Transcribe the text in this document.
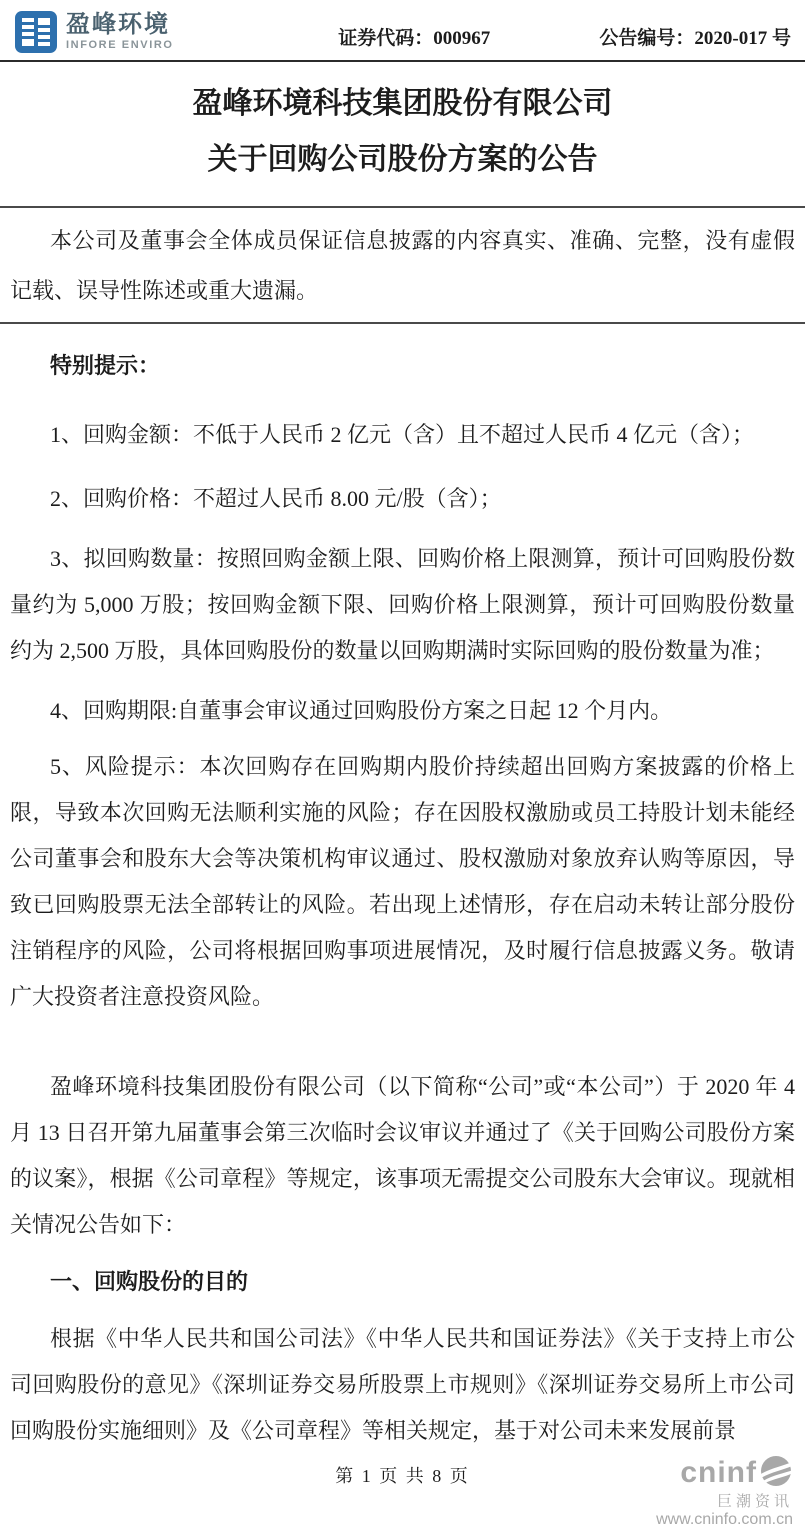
盈峰环境
INFORE ENVIRO	证券代码：000967	公告编号：2020-017 号
盈峰环境科技集团股份有限公司
关于回购公司股份方案的公告

本公司及董事会全体成员保证信息披露的内容真实、准确、完整，没有虚假记载、误导性陈述或重大遗漏。

特别提示：

1、回购金额：不低于人民币 2 亿元（含）且不超过人民币 4 亿元（含）；

2、回购价格：不超过人民币 8.00 元/股（含）；

3、拟回购数量：按照回购金额上限、回购价格上限测算，预计可回购股份数量约为 5,000 万股；按回购金额下限、回购价格上限测算，预计可回购股份数量约为 2,500 万股，具体回购股份的数量以回购期满时实际回购的股份数量为准；

4、回购期限:自董事会审议通过回购股份方案之日起 12 个月内。

5、风险提示：本次回购存在回购期内股价持续超出回购方案披露的价格上限，导致本次回购无法顺利实施的风险；存在因股权激励或员工持股计划未能经公司董事会和股东大会等决策机构审议通过、股权激励对象放弃认购等原因，导致已回购股票无法全部转让的风险。若出现上述情形，存在启动未转让部分股份注销程序的风险，公司将根据回购事项进展情况，及时履行信息披露义务。敬请广大投资者注意投资风险。

盈峰环境科技集团股份有限公司（以下简称“公司”或“本公司”）于 2020 年 4 月 13 日召开第九届董事会第三次临时会议审议并通过了《关于回购公司股份方案的议案》，根据《公司章程》等规定，该事项无需提交公司股东大会审议。现就相关情况公告如下：

一、回购股份的目的

根据《中华人民共和国公司法》《中华人民共和国证券法》《关于支持上市公司回购股份的意见》《深圳证券交易所股票上市规则》《深圳证券交易所上市公司回购股份实施细则》及《公司章程》等相关规定，基于对公司未来发展前景

第 1 页 共 8 页	cninf
巨潮资讯
www.cninfo.com.cn
